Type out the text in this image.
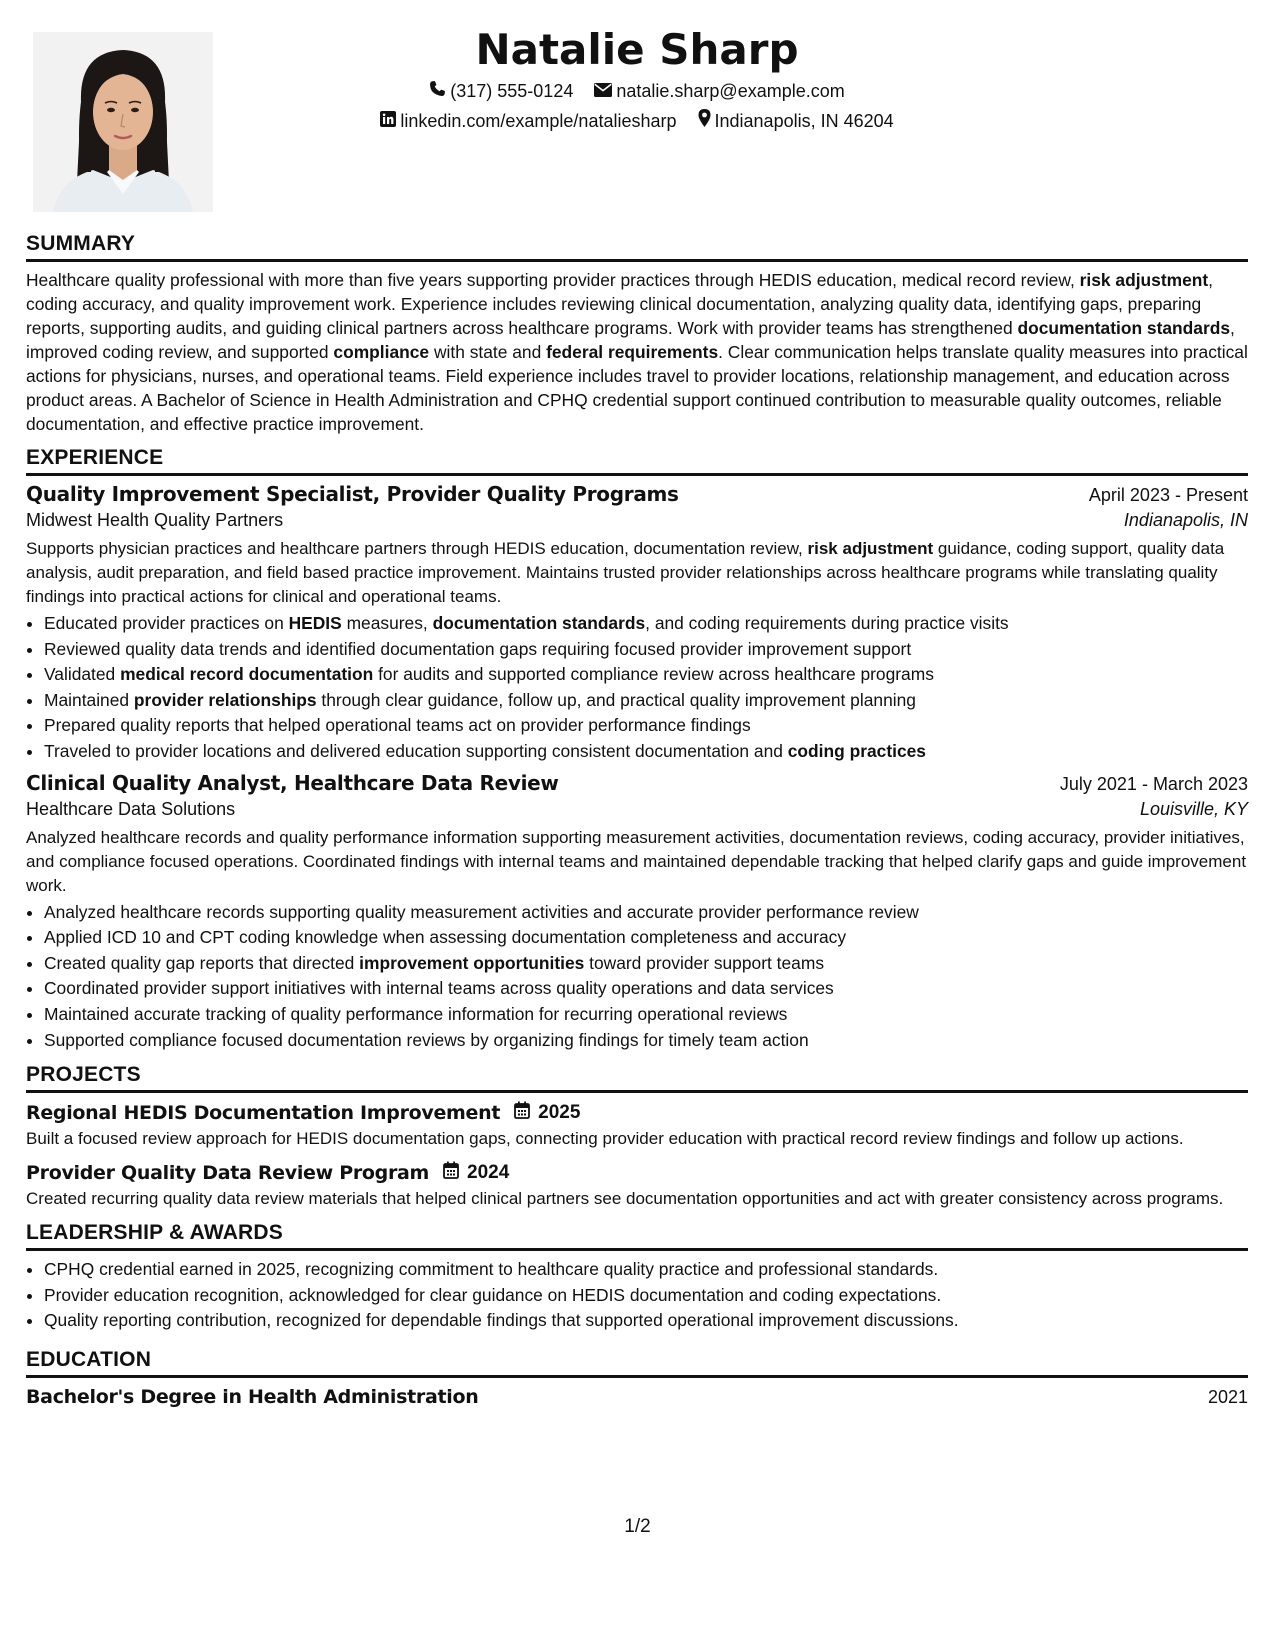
Natalie Sharp
(317) 555-0124
natalie.sharp@example.com
linkedin.com/example/nataliesharp
Indianapolis, IN 46204
SUMMARY

Healthcare quality professional with more than five years supporting provider practices through HEDIS education, medical record review, risk adjustment, coding accuracy, and quality improvement work. Experience includes reviewing clinical documentation, analyzing quality data, identifying gaps, preparing reports, supporting audits, and guiding clinical partners across healthcare programs. Work with provider teams has strengthened documentation standards, improved coding review, and supported compliance with state and federal requirements. Clear communication helps translate quality measures into practical actions for physicians, nurses, and operational teams. Field experience includes travel to provider locations, relationship management, and education across product areas. A Bachelor of Science in Health Administration and CPHQ credential support continued contribution to measurable quality outcomes, reliable documentation, and effective practice improvement.

EXPERIENCE
Quality Improvement Specialist, Provider Quality Programs	April 2023 - Present
Midwest Health Quality Partners	Indianapolis, IN

Supports physician practices and healthcare partners through HEDIS education, documentation review, risk adjustment guidance, coding support, quality data analysis, audit preparation, and field based practice improvement. Maintains trusted provider relationships across healthcare programs while translating quality findings into practical actions for clinical and operational teams.

• Educated provider practices on HEDIS measures, documentation standards, and coding requirements during practice visits
• Reviewed quality data trends and identified documentation gaps requiring focused provider improvement support
• Validated medical record documentation for audits and supported compliance review across healthcare programs
• Maintained provider relationships through clear guidance, follow up, and practical quality improvement planning
• Prepared quality reports that helped operational teams act on provider performance findings
• Traveled to provider locations and delivered education supporting consistent documentation and coding practices
Clinical Quality Analyst, Healthcare Data Review	July 2021 - March 2023
Healthcare Data Solutions	Louisville, KY

Analyzed healthcare records and quality performance information supporting measurement activities, documentation reviews, coding accuracy, provider initiatives, and compliance focused operations. Coordinated findings with internal teams and maintained dependable tracking that helped clarify gaps and guide improvement work.

• Analyzed healthcare records supporting quality measurement activities and accurate provider performance review
• Applied ICD 10 and CPT coding knowledge when assessing documentation completeness and accuracy
• Created quality gap reports that directed improvement opportunities toward provider support teams
• Coordinated provider support initiatives with internal teams across quality operations and data services
• Maintained accurate tracking of quality performance information for recurring operational reviews
• Supported compliance focused documentation reviews by organizing findings for timely team action
PROJECTS
Regional HEDIS Documentation Improvement 2025

Built a focused review approach for HEDIS documentation gaps, connecting provider education with practical record review findings and follow up actions.

Provider Quality Data Review Program 2024

Created recurring quality data review materials that helped clinical partners see documentation opportunities and act with greater consistency across programs.

LEADERSHIP & AWARDS
• CPHQ credential earned in 2025, recognizing commitment to healthcare quality practice and professional standards.
• Provider education recognition, acknowledged for clear guidance on HEDIS documentation and coding expectations.
• Quality reporting contribution, recognized for dependable findings that supported operational improvement discussions.
EDUCATION
Bachelor's Degree in Health Administration	2021
1/2
